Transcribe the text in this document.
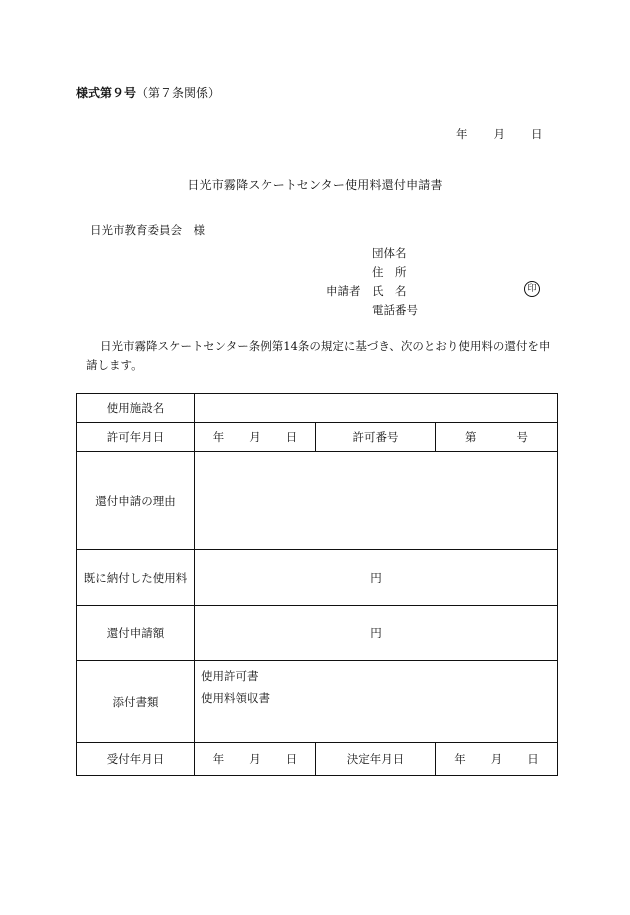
様式第９号（第７条関係）
年 月 日
日光市霧降スケートセンター使用料還付申請書
日光市教育委員会　様
団体名
住　所
申請者 氏　名	印
電話番号
日光市霧降スケートセンター条例第14条の規定に基づき、次のとおり使用料の還付を申請します。
使用施設名			
許可年月日	年 月 日	許可番号	第 号
還付申請の理由			
既に納付した使用料	円		
還付申請額	円		
添付書類	使用許可書
使用料領収書		

受付年月日	年 月 日	決定年月日	年 月 日
